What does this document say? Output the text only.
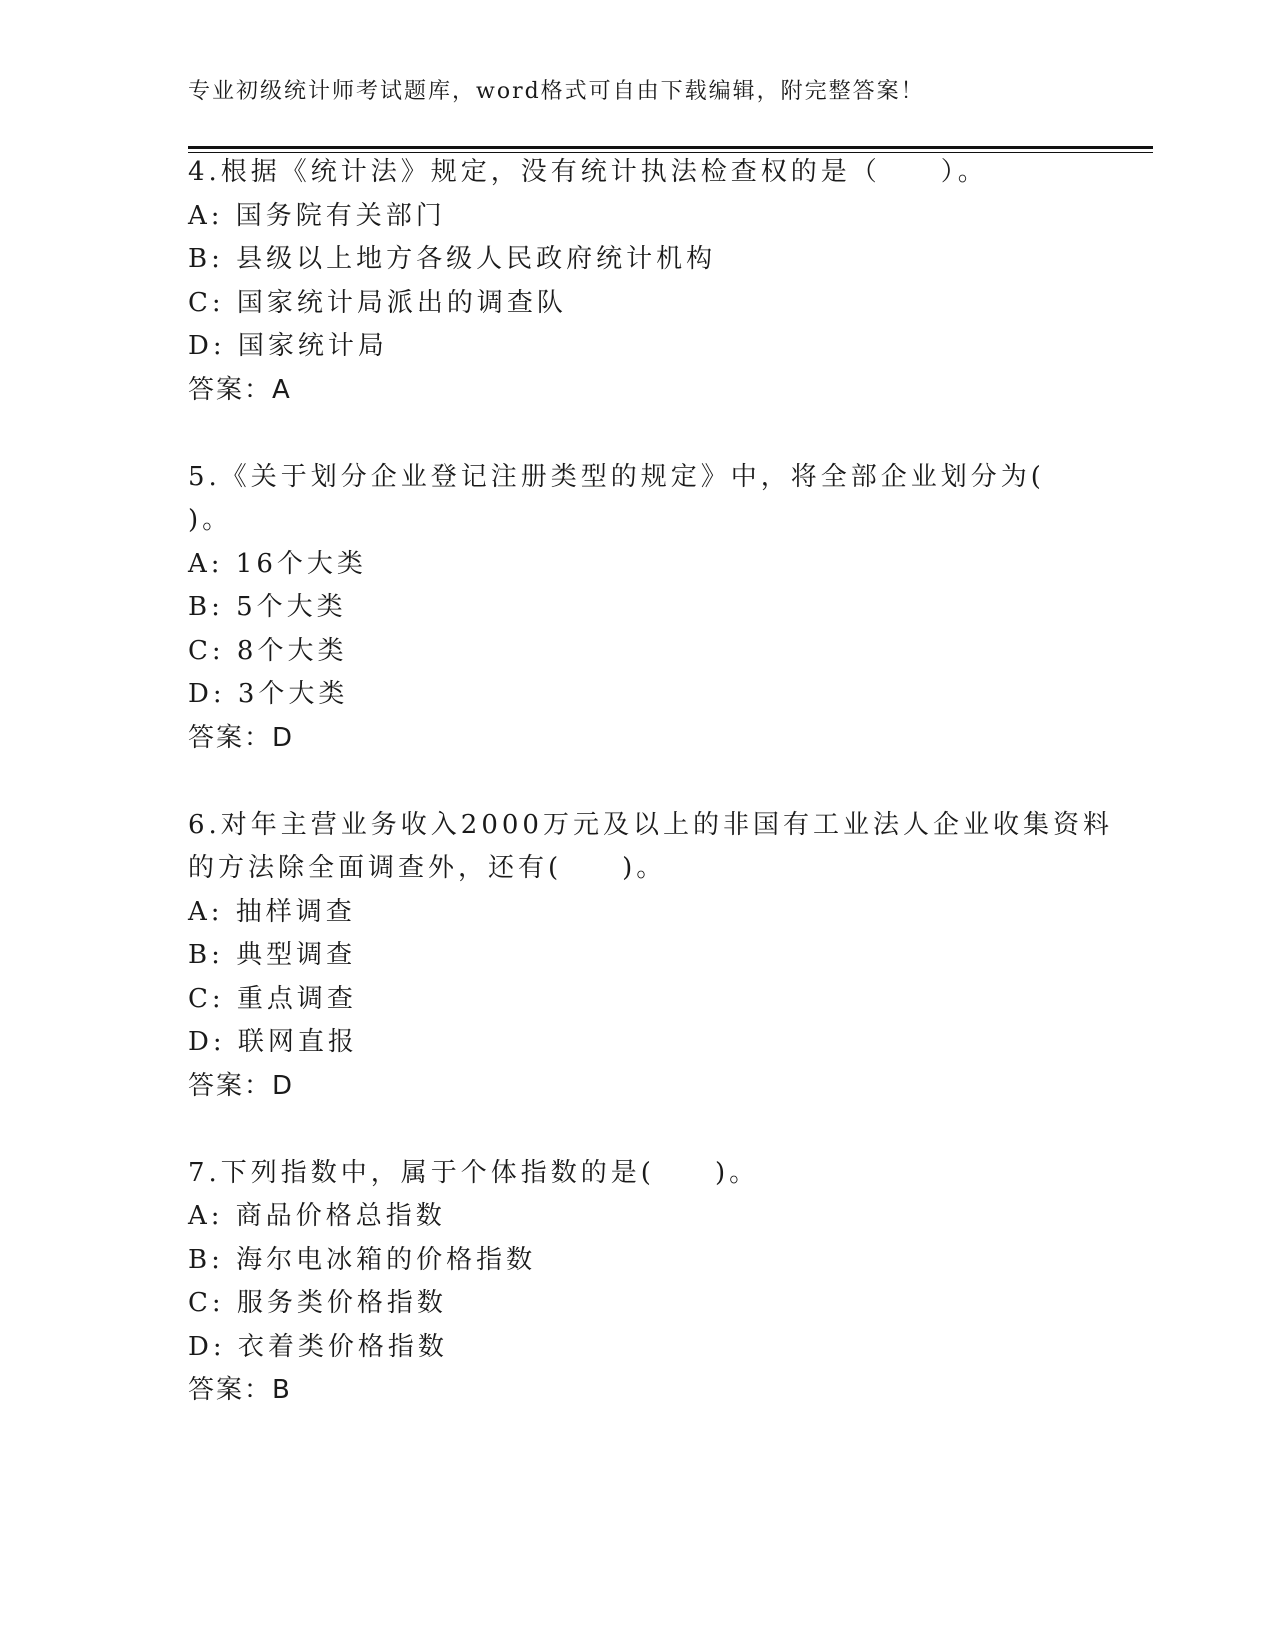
专业初级统计师考试题库，word格式可自由下载编辑，附完整答案！
4.根据《统计法》规定，没有统计执法检查权的是（　　）。
A: 国务院有关部门
B: 县级以上地方各级人民政府统计机构
C: 国家统计局派出的调查队
D: 国家统计局
答案：A
5.《关于划分企业登记注册类型的规定》中，将全部企业划分为(
)。
A: 16个大类
B: 5个大类
C: 8个大类
D: 3个大类
答案：D
6.对年主营业务收入2000万元及以上的非国有工业法人企业收集资料
的方法除全面调查外，还有(　　)。
A: 抽样调查
B: 典型调查
C: 重点调查
D: 联网直报
答案：D
7.下列指数中，属于个体指数的是(　　)。
A: 商品价格总指数
B: 海尔电冰箱的价格指数
C: 服务类价格指数
D: 衣着类价格指数
答案：B
